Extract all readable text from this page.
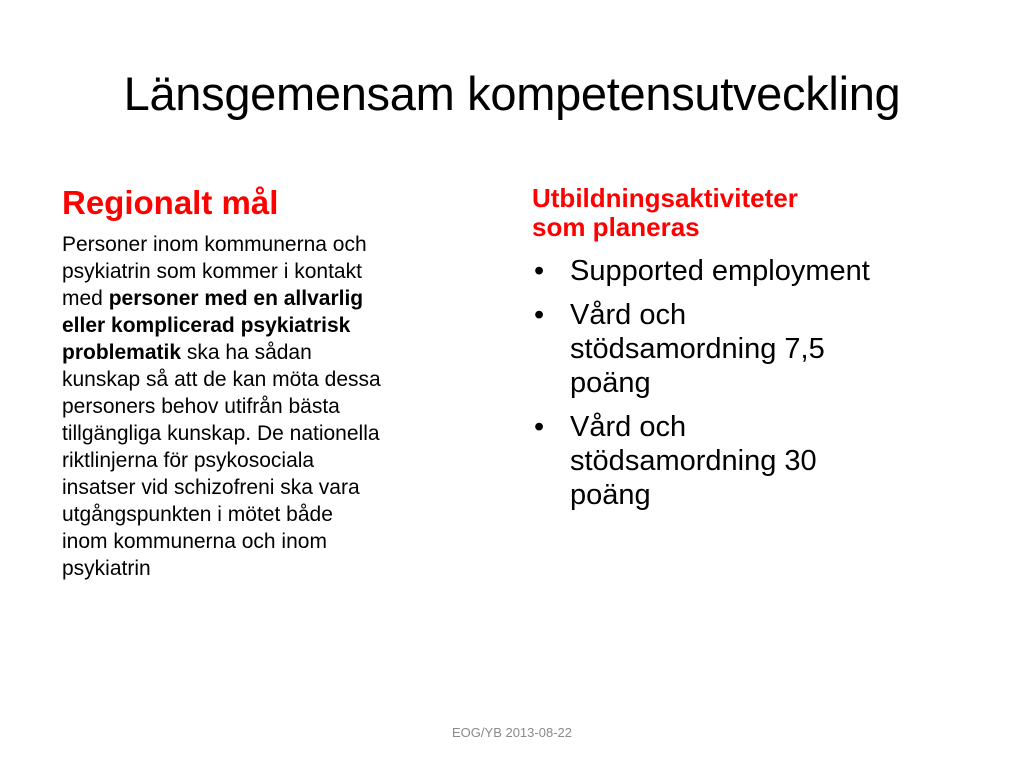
Länsgemensam kompetensutveckling
Regionalt mål
Personer inom kommunerna och
psykiatrin som kommer i kontakt
med personer med en allvarlig
eller komplicerad psykiatrisk
problematik ska ha sådan
kunskap så att de kan möta dessa
personers behov utifrån bästa
tillgängliga kunskap. De nationella
riktlinjerna för psykosociala
insatser vid schizofreni ska vara
utgångspunkten i mötet både
inom kommunerna och inom
psykiatrin
Utbildningsaktiviteter
som planeras
• Supported employment
• Vård och
stödsamordning 7,5
poäng
• Vård och
stödsamordning 30
poäng
EOG/YB 2013-08-22
